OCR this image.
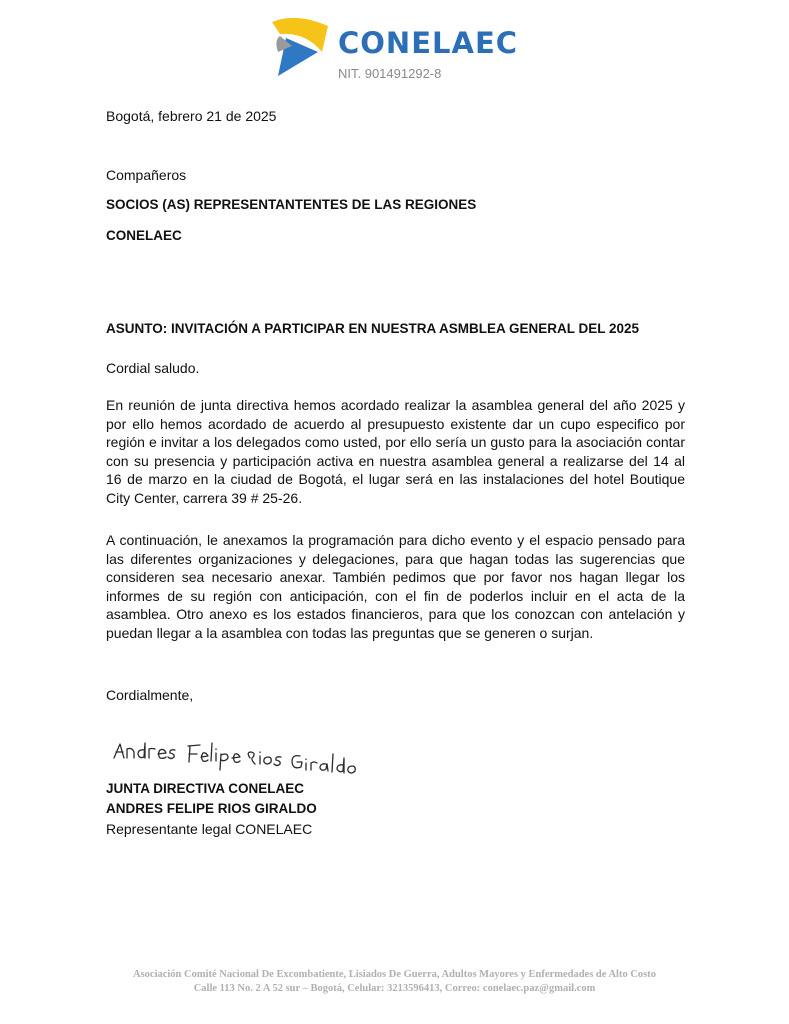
CONELAEC
NIT. 901491292-8
Bogotá, febrero 21 de 2025
Compañeros
SOCIOS (AS) REPRESENTANTENTES DE LAS REGIONES
CONELAEC
ASUNTO: INVITACIÓN A PARTICIPAR EN NUESTRA ASMBLEA GENERAL DEL 2025
Cordial saludo.
En reunión de junta directiva hemos acordado realizar la asamblea general del año 2025 y
por ello hemos acordado de acuerdo al presupuesto existente dar un cupo especifico por
región e invitar a los delegados como usted, por ello sería un gusto para la asociación contar
con su presencia y participación activa en nuestra asamblea general a realizarse del 14 al
16 de marzo en la ciudad de Bogotá, el lugar será en las instalaciones del hotel Boutique
City Center, carrera 39 # 25-26.
A continuación, le anexamos la programación para dicho evento y el espacio pensado para
las diferentes organizaciones y delegaciones, para que hagan todas las sugerencias que
consideren sea necesario anexar. También pedimos que por favor nos hagan llegar los
informes de su región con anticipación, con el fin de poderlos incluir en el acta de la
asamblea. Otro anexo es los estados financieros, para que los conozcan con antelación y
puedan llegar a la asamblea con todas las preguntas que se generen o surjan.
Cordialmente,
JUNTA DIRECTIVA CONELAEC
ANDRES FELIPE RIOS GIRALDO
Representante legal CONELAEC
Asociación Comité Nacional De Excombatiente, Lisiados De Guerra, Adultos Mayores y Enfermedades de Alto Costo
Calle 113 No. 2 A 52 sur – Bogotá, Celular: 3213596413, Correo: conelaec.paz@gmail.com
